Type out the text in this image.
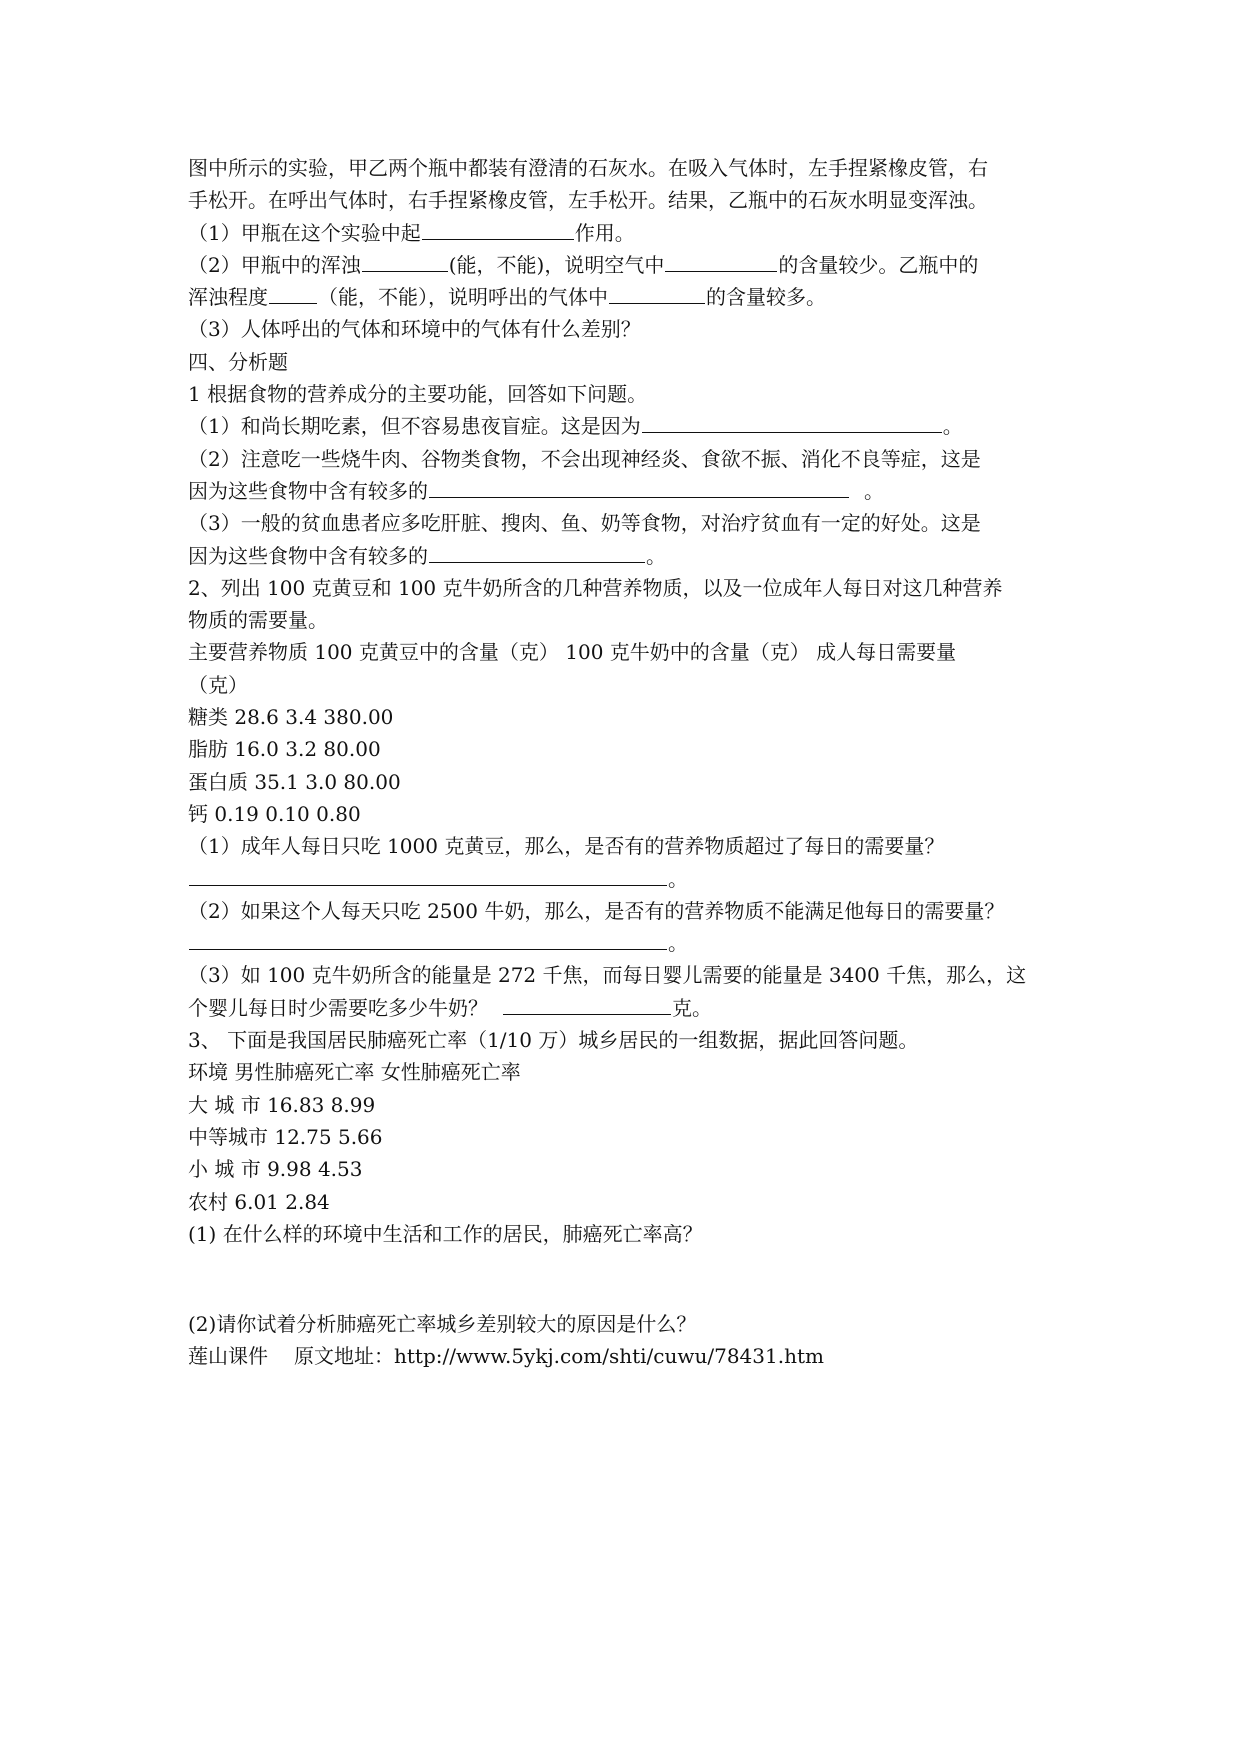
图中所示的实验，甲乙两个瓶中都装有澄清的石灰水。在吸入气体时，左手捏紧橡皮管，右
手松开。在呼出气体时，右手捏紧橡皮管，左手松开。结果，乙瓶中的石灰水明显变浑浊。
（1）甲瓶在这个实验中起	作用。
（2）甲瓶中的浑浊	(能，不能)，说明空气中	的含量较少。乙瓶中的
浑浊程度	（能，不能），说明呼出的气体中	的含量较多。
（3）人体呼出的气体和环境中的气体有什么差别？
四、分析题
1 根据食物的营养成分的主要功能，回答如下问题。
（1）和尚长期吃素，但不容易患夜盲症。这是因为	。
（2）注意吃一些烧牛肉、谷物类食物，不会出现神经炎、食欲不振、消化不良等症，这是
因为这些食物中含有较多的	。
（3）一般的贫血患者应多吃肝脏、搜肉、鱼、奶等食物，对治疗贫血有一定的好处。这是
因为这些食物中含有较多的	。
2、列出 100 克黄豆和 100 克牛奶所含的几种营养物质，以及一位成年人每日对这几种营养
物质的需要量。
主要营养物质 100 克黄豆中的含量（克） 100 克牛奶中的含量（克） 成人每日需要量
（克）
糖类 28.6 3.4 380.00
脂肪 16.0 3.2 80.00
蛋白质 35.1 3.0 80.00
钙 0.19 0.10 0.80
（1）成年人每日只吃 1000 克黄豆，那么，是否有的营养物质超过了每日的需要量？
。
（2）如果这个人每天只吃 2500 牛奶，那么，是否有的营养物质不能满足他每日的需要量？
。
（3）如 100 克牛奶所含的能量是 272 千焦，而每日婴儿需要的能量是 3400 千焦，那么，这
个婴儿每日时少需要吃多少牛奶？	克。
3、 下面是我国居民肺癌死亡率（1/10 万）城乡居民的一组数据，据此回答问题。
环境 男性肺癌死亡率 女性肺癌死亡率
大 城 市 16.83 8.99
中等城市 12.75 5.66
小 城 市 9.98 4.53
农村 6.01 2.84
(1) 在什么样的环境中生活和工作的居民，肺癌死亡率高？
(2)请你试着分析肺癌死亡率城乡差别较大的原因是什么？
莲山课件 原文地址：http://www.5ykj.com/shti/cuwu/78431.htm
